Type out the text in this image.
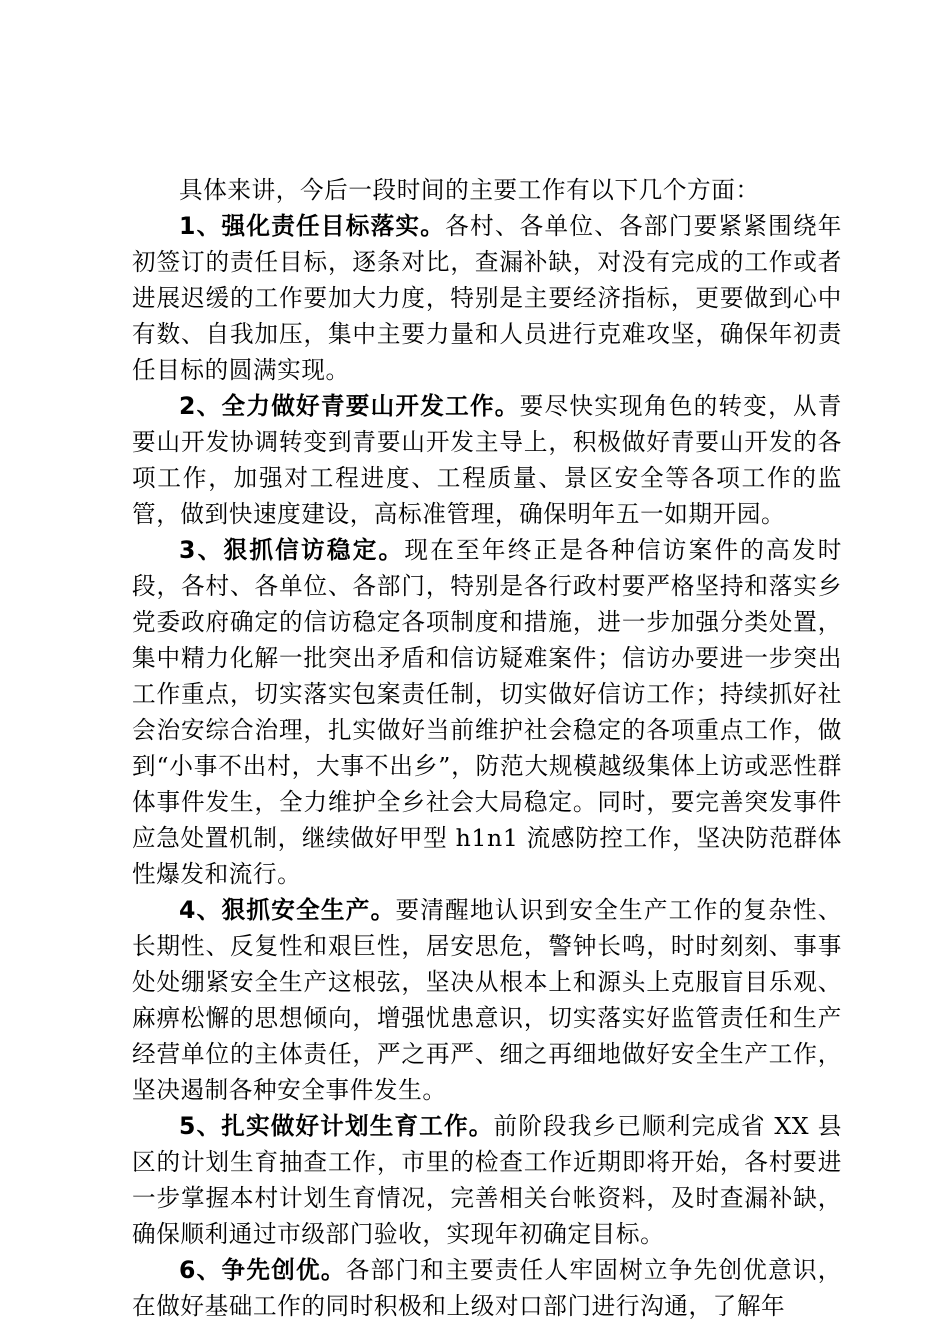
具体来讲，今后一段时间的主要工作有以下几个方面：

1、强化责任目标落实。各村、各单位、各部门要紧紧围绕年初签订的责任目标，逐条对比，查漏补缺，对没有完成的工作或者进展迟缓的工作要加大力度，特别是主要经济指标，更要做到心中有数、自我加压，集中主要力量和人员进行克难攻坚，确保年初责任目标的圆满实现。

2、全力做好青要山开发工作。要尽快实现角色的转变，从青要山开发协调转变到青要山开发主导上，积极做好青要山开发的各项工作，加强对工程进度、工程质量、景区安全等各项工作的监管，做到快速度建设，高标准管理，确保明年五一如期开园。

3、狠抓信访稳定。现在至年终正是各种信访案件的高发时段，各村、各单位、各部门，特别是各行政村要严格坚持和落实乡党委政府确定的信访稳定各项制度和措施，进一步加强分类处置，集中精力化解一批突出矛盾和信访疑难案件；信访办要进一步突出工作重点，切实落实包案责任制，切实做好信访工作；持续抓好社会治安综合治理，扎实做好当前维护社会稳定的各项重点工作，做到“小事不出村，大事不出乡”，防范大规模越级集体上访或恶性群体事件发生，全力维护全乡社会大局稳定。同时，要完善突发事件应急处置机制，继续做好甲型 h1n1 流感防控工作，坚决防范群体性爆发和流行。

4、狠抓安全生产。要清醒地认识到安全生产工作的复杂性、长期性、反复性和艰巨性，居安思危，警钟长鸣，时时刻刻、事事处处绷紧安全生产这根弦，坚决从根本上和源头上克服盲目乐观、麻痹松懈的思想倾向，增强忧患意识，切实落实好监管责任和生产经营单位的主体责任，严之再严、细之再细地做好安全生产工作，坚决遏制各种安全事件发生。

5、扎实做好计划生育工作。前阶段我乡已顺利完成省 XX 县区的计划生育抽查工作，市里的检查工作近期即将开始，各村要进一步掌握本村计划生育情况，完善相关台帐资料，及时查漏补缺，确保顺利通过市级部门验收，实现年初确定目标。

6、争先创优。各部门和主要责任人牢固树立争先创优意识，在做好基础工作的同时积极和上级对口部门进行沟通，了解年
